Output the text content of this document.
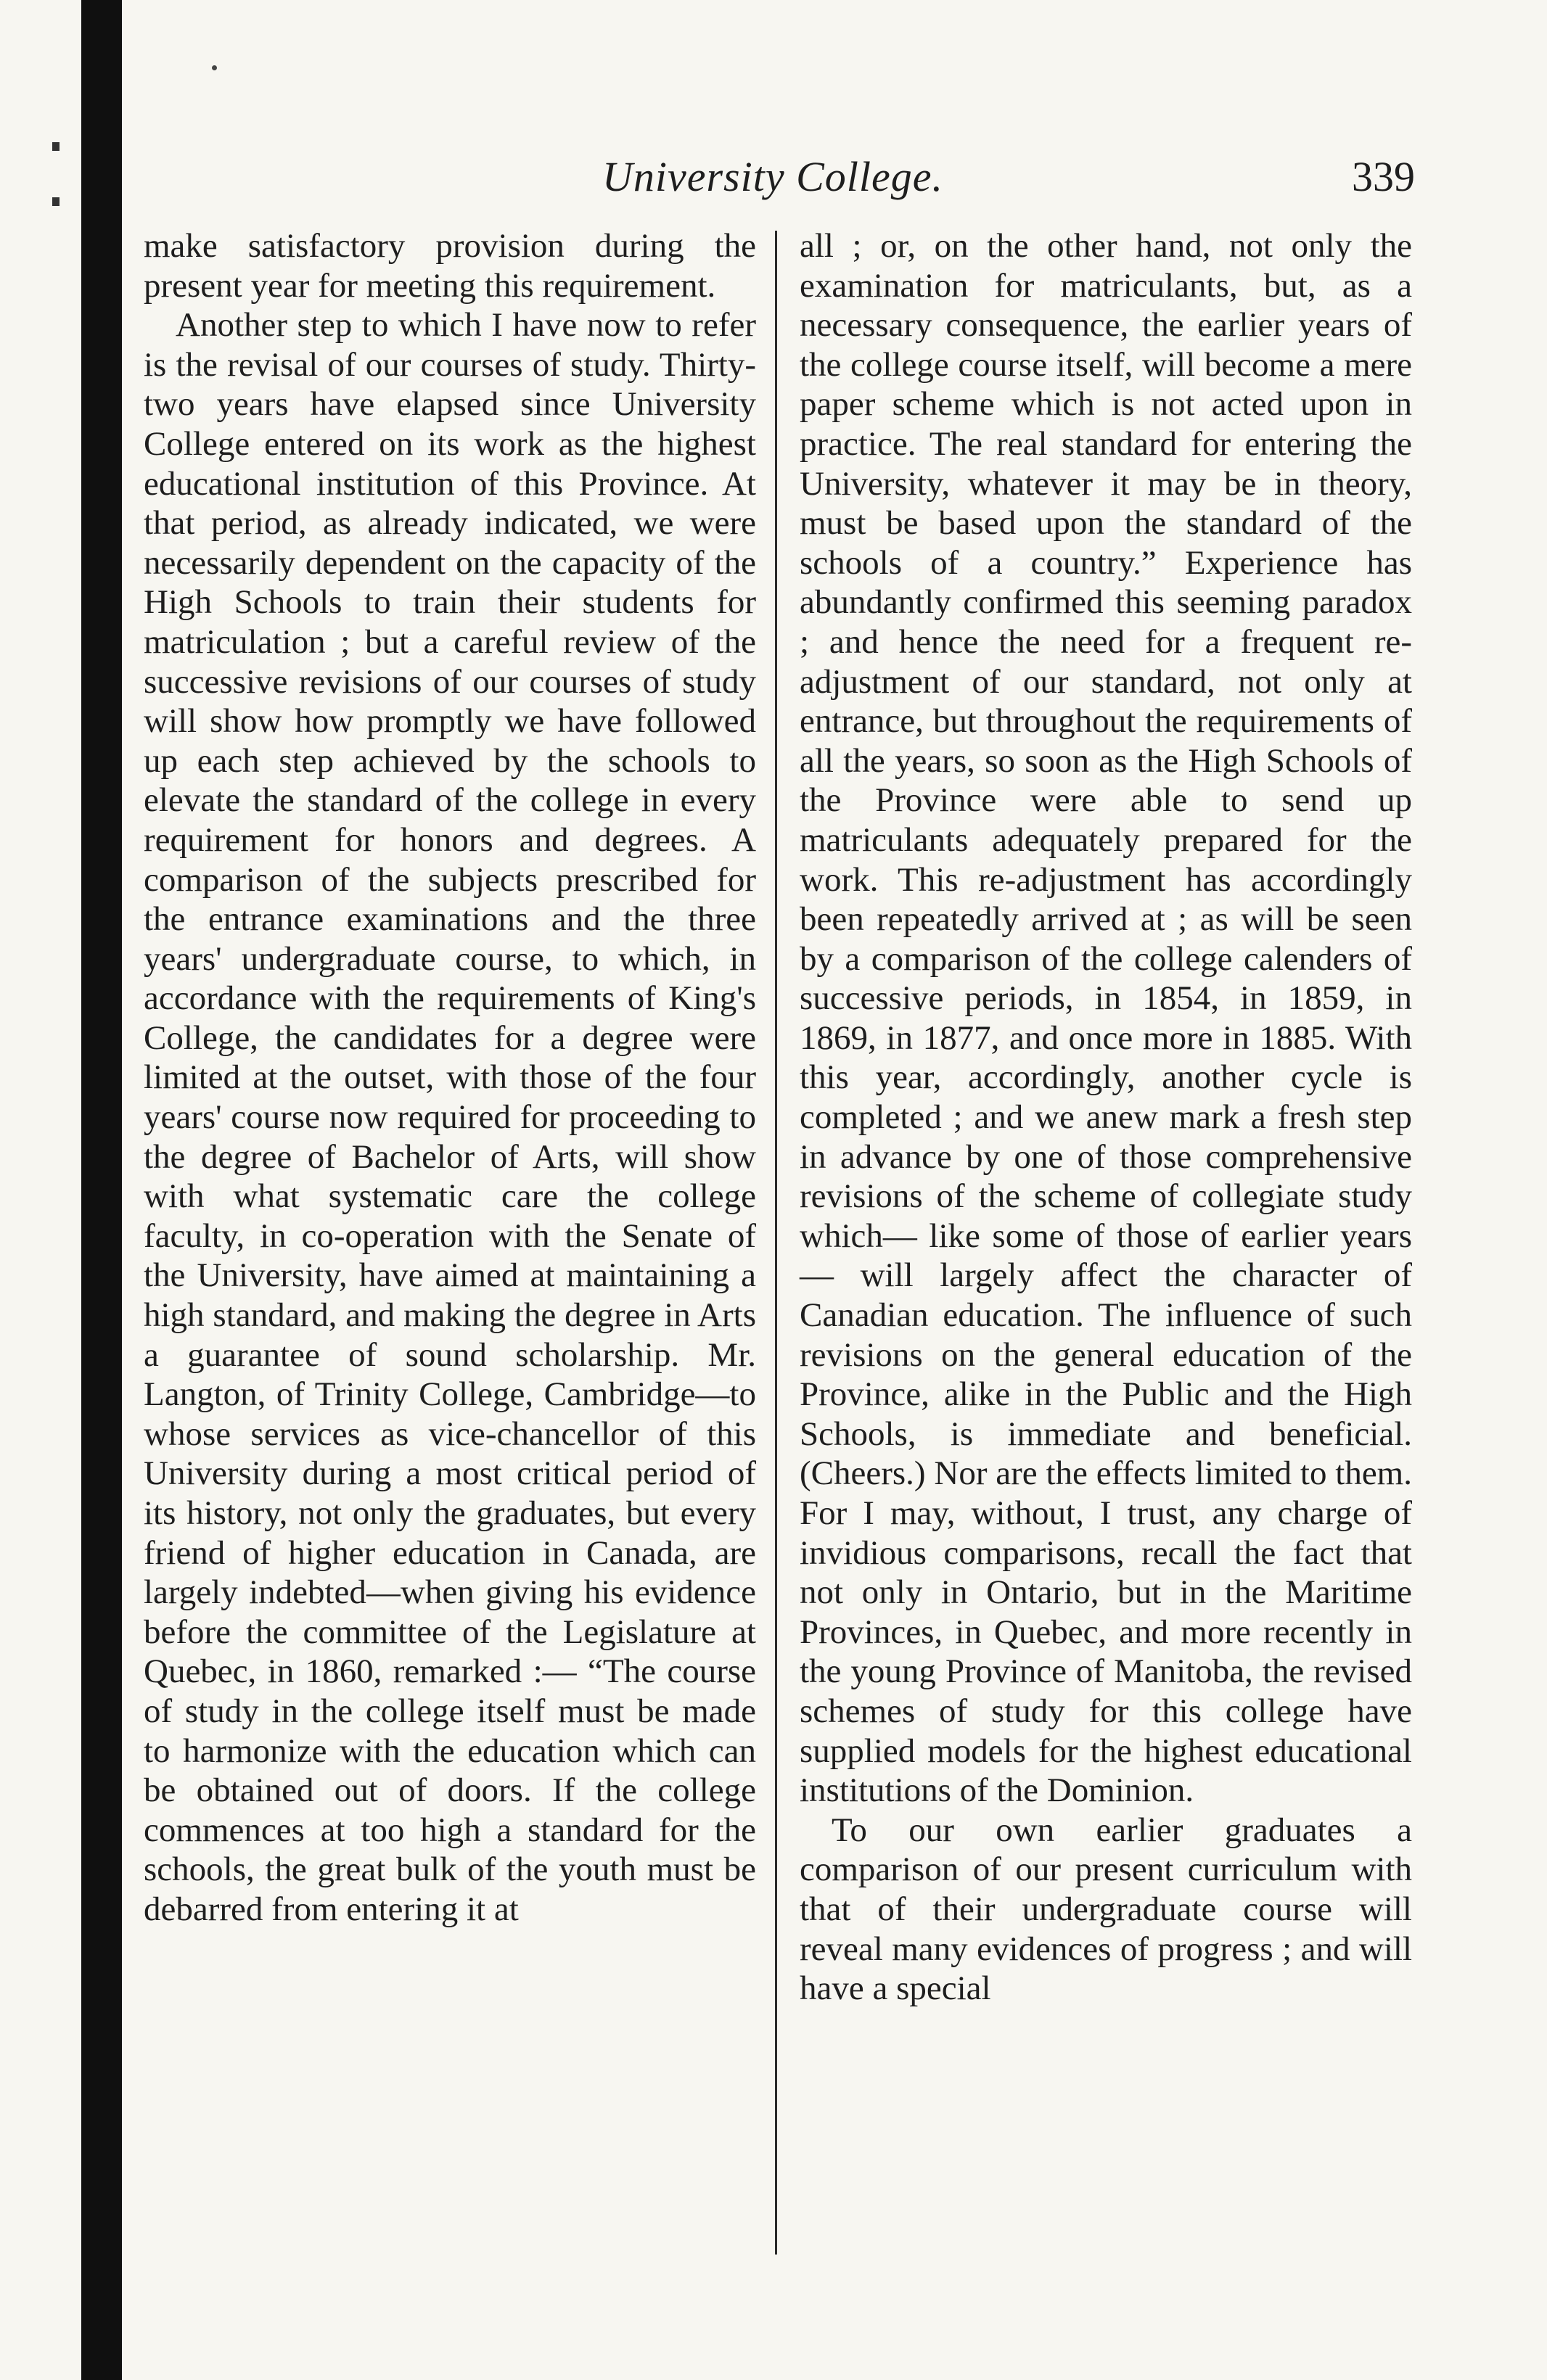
University College.	339

make satisfactory provision during the present year for meeting this requirement.

Another step to which I have now to refer is the revisal of our courses of study. Thirty-two years have elapsed since University College entered on its work as the highest educational institution of this Province. At that period, as already indicated, we were necessarily dependent on the capacity of the High Schools to train their students for matriculation ; but a careful review of the successive revisions of our courses of study will show how promptly we have followed up each step achieved by the schools to elevate the standard of the college in every requirement for honors and degrees. A comparison of the subjects prescribed for the entrance examinations and the three years' undergraduate course, to which, in accordance with the requirements of King's College, the candidates for a degree were limited at the outset, with those of the four years' course now required for proceeding to the degree of Bachelor of Arts, will show with what systematic care the college faculty, in co-operation with the Senate of the University, have aimed at maintaining a high standard, and making the degree in Arts a guarantee of sound scholarship. Mr. Langton, of Trinity College, Cambridge—to whose services as vice-chancellor of this University during a most critical period of its history, not only the graduates, but every friend of higher education in Canada, are largely indebted—when giving his evidence before the committee of the Legislature at Quebec, in 1860, remarked :— “The course of study in the college itself must be made to harmonize with the education which can be obtained out of doors. If the college commences at too high a standard for the schools, the great bulk of the youth must be debarred from entering it at

all ; or, on the other hand, not only the examination for matriculants, but, as a necessary consequence, the earlier years of the college course itself, will become a mere paper scheme which is not acted upon in practice. The real standard for entering the University, whatever it may be in theory, must be based upon the standard of the schools of a country.” Experience has abundantly confirmed this seeming paradox ; and hence the need for a frequent re-adjustment of our standard, not only at entrance, but throughout the requirements of all the years, so soon as the High Schools of the Province were able to send up matriculants adequately prepared for the work. This re-adjustment has accordingly been repeatedly arrived at ; as will be seen by a comparison of the college calenders of successive periods, in 1854, in 1859, in 1869, in 1877, and once more in 1885. With this year, accordingly, another cycle is completed ; and we anew mark a fresh step in advance by one of those comprehensive revisions of the scheme of collegiate study which— like some of those of earlier years— will largely affect the character of Canadian education. The influence of such revisions on the general education of the Province, alike in the Public and the High Schools, is immediate and beneficial. (Cheers.) Nor are the effects limited to them. For I may, without, I trust, any charge of invidious comparisons, recall the fact that not only in Ontario, but in the Maritime Provinces, in Quebec, and more recently in the young Province of Manitoba, the revised schemes of study for this college have supplied models for the highest educational institutions of the Dominion.

To our own earlier graduates a comparison of our present curriculum with that of their undergraduate course will reveal many evidences of progress ; and will have a special
